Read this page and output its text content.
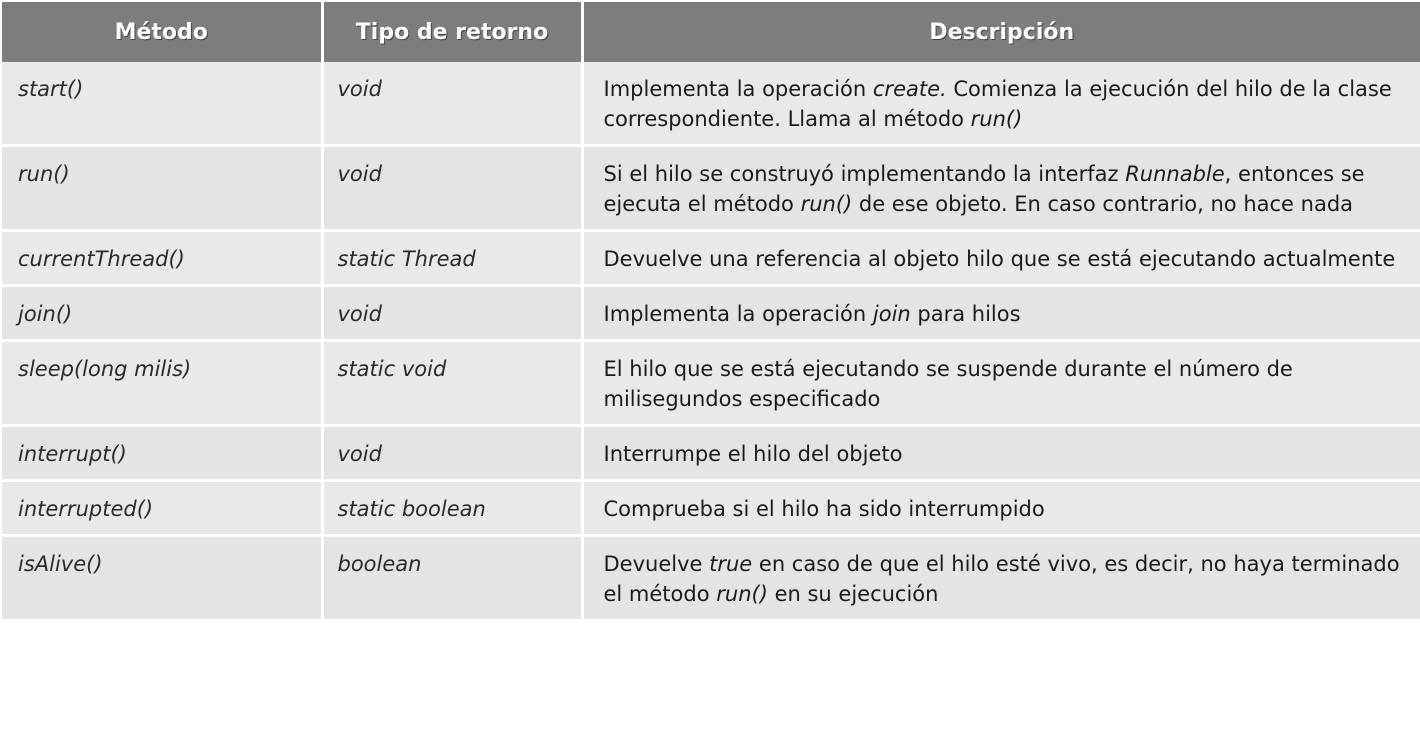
Método	Tipo de retorno	Descripción
start()	void	Implementa la operación create. Comienza la ejecución del hilo de la clase correspondiente. Llama al método run()
run()	void	Si el hilo se construyó implementando la interfaz Runnable, entonces se ejecuta el método run() de ese objeto. En caso contrario, no hace nada
currentThread()	static Thread	Devuelve una referencia al objeto hilo que se está ejecutando actualmente
join()	void	Implementa la operación join para hilos
sleep(long milis)	static void	El hilo que se está ejecutando se suspende durante el número de milisegundos especificado
interrupt()	void	Interrumpe el hilo del objeto
interrupted()	static boolean	Comprueba si el hilo ha sido interrumpido
isAlive()	boolean	Devuelve true en caso de que el hilo esté vivo, es decir, no haya terminado el método run() en su ejecución
